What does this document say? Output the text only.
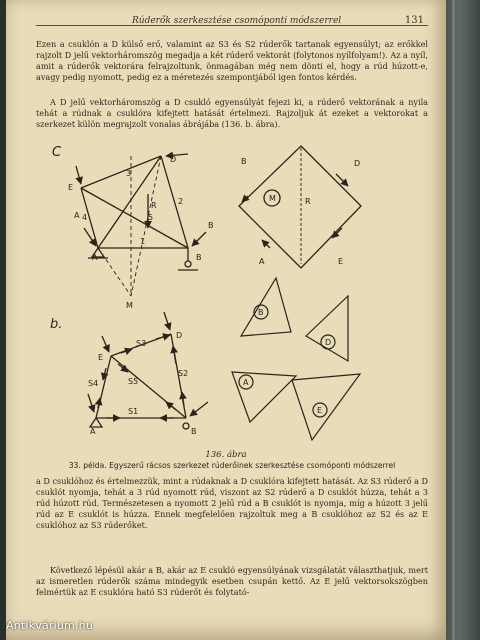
Rúderők szerkesztése csomóponti módszerrel	131

Ezen a csuklón a D külső erő, valamint az S3 és S2 rúderők tartanak egyensúlyt; az erőkkel rajzolt D jelű vektorháromszög megadja a két rúderő vektorát (folytonos nyílfolyam!). Az a nyíl, amit a rúderők vektorára felrajzoltunk, önmagában még nem dönti el, hogy a rúd húzott-e, avagy pedig nyomott, pedig ez a méretezés szempontjából igen fontos kérdés.

A D jelű vektorháromszög a D csukló egyensúlyát fejezi ki, a rúderő vektorának a nyila tehát a rúdnak a csuklóra kifejtett hatását értelmezi. Rajzoljuk át ezeket a vektorokat a szerkezet külön megrajzolt vonalas ábrájába (136. b. ábra).

C	D
E
A
A
B
B
M
R
1
2
3
4	5
M
B	D
A	E
R
b.
D
E
A	B
S1
S2
S3
S4	S5
B
D
A
E
136. ábra
33. példa. Egyszerű rácsos szerkezet rúderőinek szerkesztése csomóponti módszerrel

a D csuklóhoz és értelmezzük, mint a rúdaknak a D csuklóra kifejtett hatását. Az S3 rúderő a D csuklót nyomja, tehát a 3 rúd nyomott rúd, viszont az S2 rúderő a D csuklót húzza, tehát a 3 rúd húzott rúd. Természetesen a nyomott 2 jelű rúd a B csuklót is nyomja, míg a húzott 3 jelű rúd az E csuklót is húzza. Ennek megfelelően rajzoltuk meg a B csuklóhoz az S2 és az E csuklóhoz az S3 rúderőket.

Következő lépésül akár a B, akár az E csukló egyensúlyának vizsgálatát választhatjuk, mert az ismeretlen rúderők száma mindegyik esetben csupán kettő. Az E jelű vektorsokszögben felmértük az E csuklóra ható S3 rúderőt és folytató-

Antikvárium.hu
